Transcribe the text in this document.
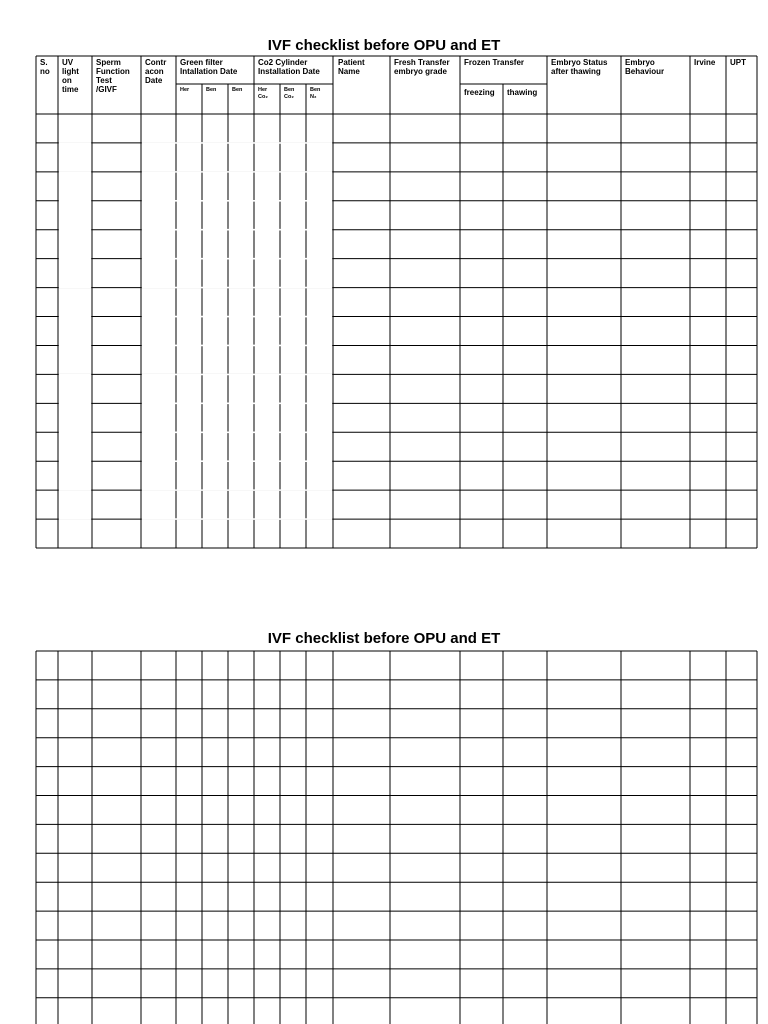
IVF checklist before OPU and ET
IVF checklist before OPU and ET
S.
no
UV
light
on
time
Sperm
Function
Test
/GIVF
Contr
acon
Date
Green filter
Intallation Date
Her	Ben	Ben
Co2 Cylinder
Installation Date
Her
Co₂
Ben
Co₂
Ben
N₂
Patient
Name
Fresh Transfer
embryo grade
Frozen Transfer
freezing thawing
Embryo Status
after thawing
Embryo
Behaviour
Irvine UPT
